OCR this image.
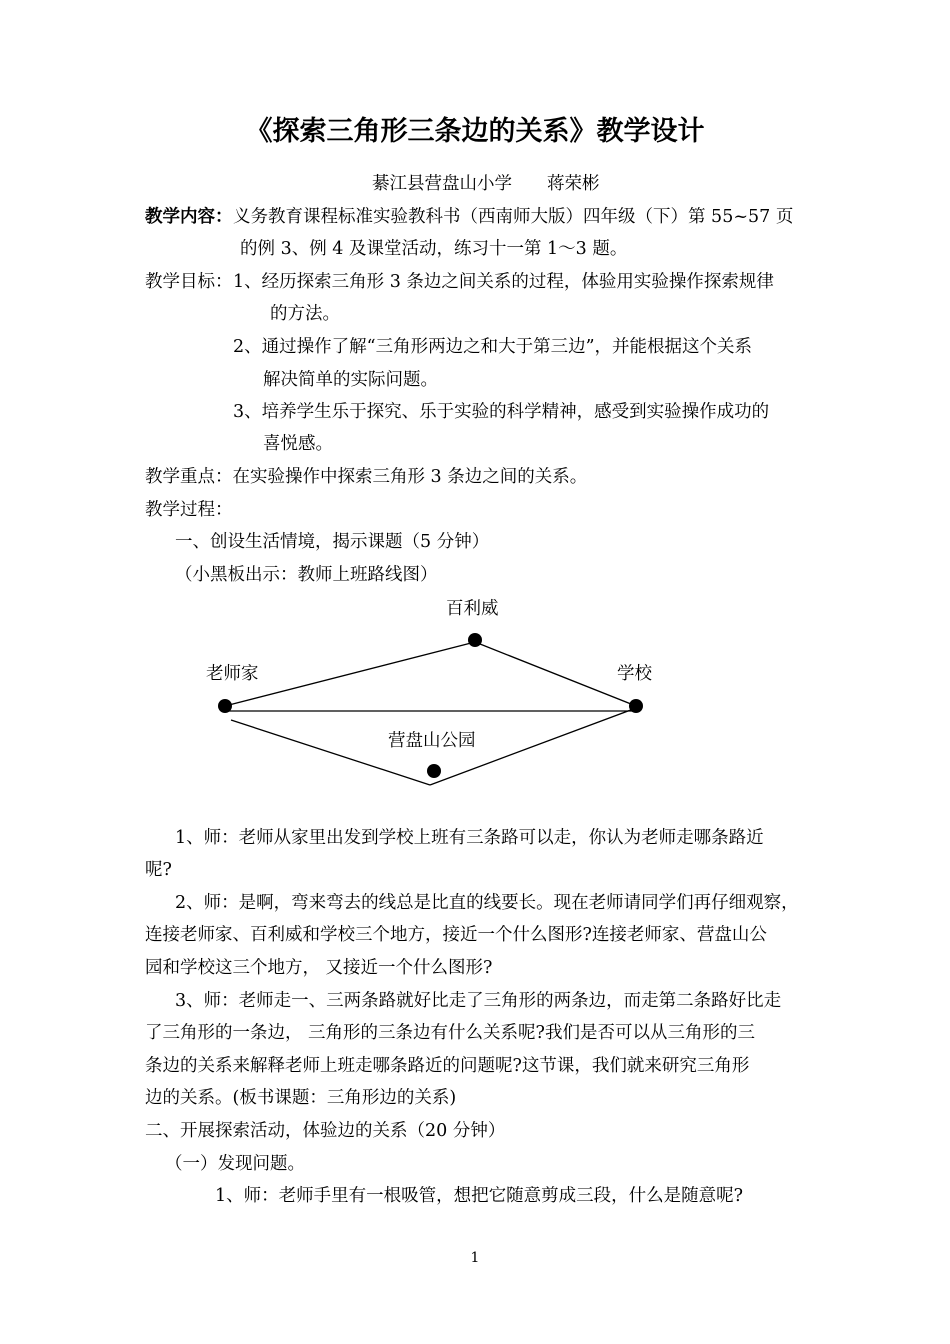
《探索三角形三条边的关系》教学设计
綦江县营盘山小学　　蒋荣彬
教学内容： 义务教育课程标准实验教科书（西南师大版）四年级（下）第 55~57 页
的例 3、例 4 及课堂活动，练习十一第 1～3 题。
教学目标： 1、经历探索三角形 3 条边之间关系的过程，体验用实验操作探索规律
的方法。
2、通过操作了解“三角形两边之和大于第三边”，并能根据这个关系
解决简单的实际问题。
3、培养学生乐于探究、乐于实验的科学精神，感受到实验操作成功的
喜悦感。
教学重点：在实验操作中探索三角形 3 条边之间的关系。
教学过程：
一、创设生活情境，揭示课题（5 分钟）
（小黑板出示：教师上班路线图）
百利威
老师家	学校
营盘山公园
1、师：老师从家里出发到学校上班有三条路可以走，你认为老师走哪条路近
呢?
2、师：是啊，弯来弯去的线总是比直的线要长。现在老师请同学们再仔细观察，
连接老师家、百利威和学校三个地方，接近一个什么图形?连接老师家、营盘山公
园和学校这三个地方， 又接近一个什么图形?
3、师：老师走一、三两条路就好比走了三角形的两条边，而走第二条路好比走
了三角形的一条边， 三角形的三条边有什么关系呢?我们是否可以从三角形的三
条边的关系来解释老师上班走哪条路近的问题呢?这节课，我们就来研究三角形
边的关系。(板书课题：三角形边的关系)
二、开展探索活动，体验边的关系（20 分钟）
（一）发现问题。
1、师：老师手里有一根吸管，想把它随意剪成三段，什么是随意呢?
1
